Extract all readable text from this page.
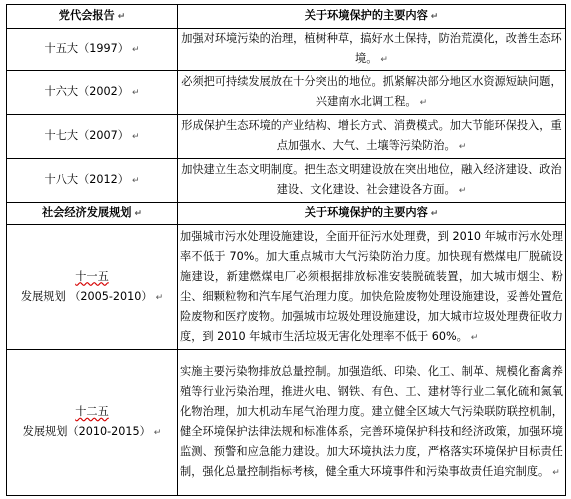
党代会报告 ↵	关于环境保护的主要内容 ↵
十五大（1997） ↵	加强对环境污染的治理，植树种草，搞好水土保持，防治荒漠化，改善生态环境。 ↵
十六大（2002） ↵	必须把可持续发展放在十分突出的地位。抓紧解决部分地区水资源短缺问题，兴建南水北调工程。 ↵
十七大（2007） ↵	形成保护生态环境的产业结构、增长方式、消费模式。加大节能环保投入，重点加强水、大气、土壤等污染防治。 ↵
十八大（2012） ↵	加快建立生态文明制度。把生态文明建设放在突出地位，融入经济建设、政治建设、文化建设、社会建设各方面。 ↵
社会经济发展规划 ↵	关于环境保护的主要内容 ↵

十一五
发展规划 （2005-2010） ↵	加强城市污水处理设施建设，全面开征污水处理费，到 2010 年城市污水处理率不低于 70%。加大重点城市大气污染防治力度。加快现有燃煤电厂脱硫设施建设，新建燃煤电厂必须根据排放标准安装脱硫装置，加大城市烟尘、粉尘、细颗粒物和汽车尾气治理力度。加快危险废物处理设施建设，妥善处置危险废物和医疗废物。加强城市垃圾处理设施建设，加大城市垃圾处理费征收力度，到 2010 年城市生活垃圾无害化处理率不低于 60%。 ↵

十二五
发展规划（2010-2015） ↵	实施主要污染物排放总量控制。加强造纸、印染、化工、制革、规模化畜禽养殖等行业污染治理，推进火电、钢铁、有色、工、建材等行业二氧化硫和氮氧化物治理，加大机动车尾气治理力度。建立健全区域大气污染联防联控机制，健全环境保护法律法规和标准体系，完善环境保护科技和经济政策，加强环境监测、预警和应急能力建设。加大环境执法力度，严格落实环境保护目标责任制，强化总量控制指标考核，健全重大环境事件和污染事故责任追究制度。 ↵
